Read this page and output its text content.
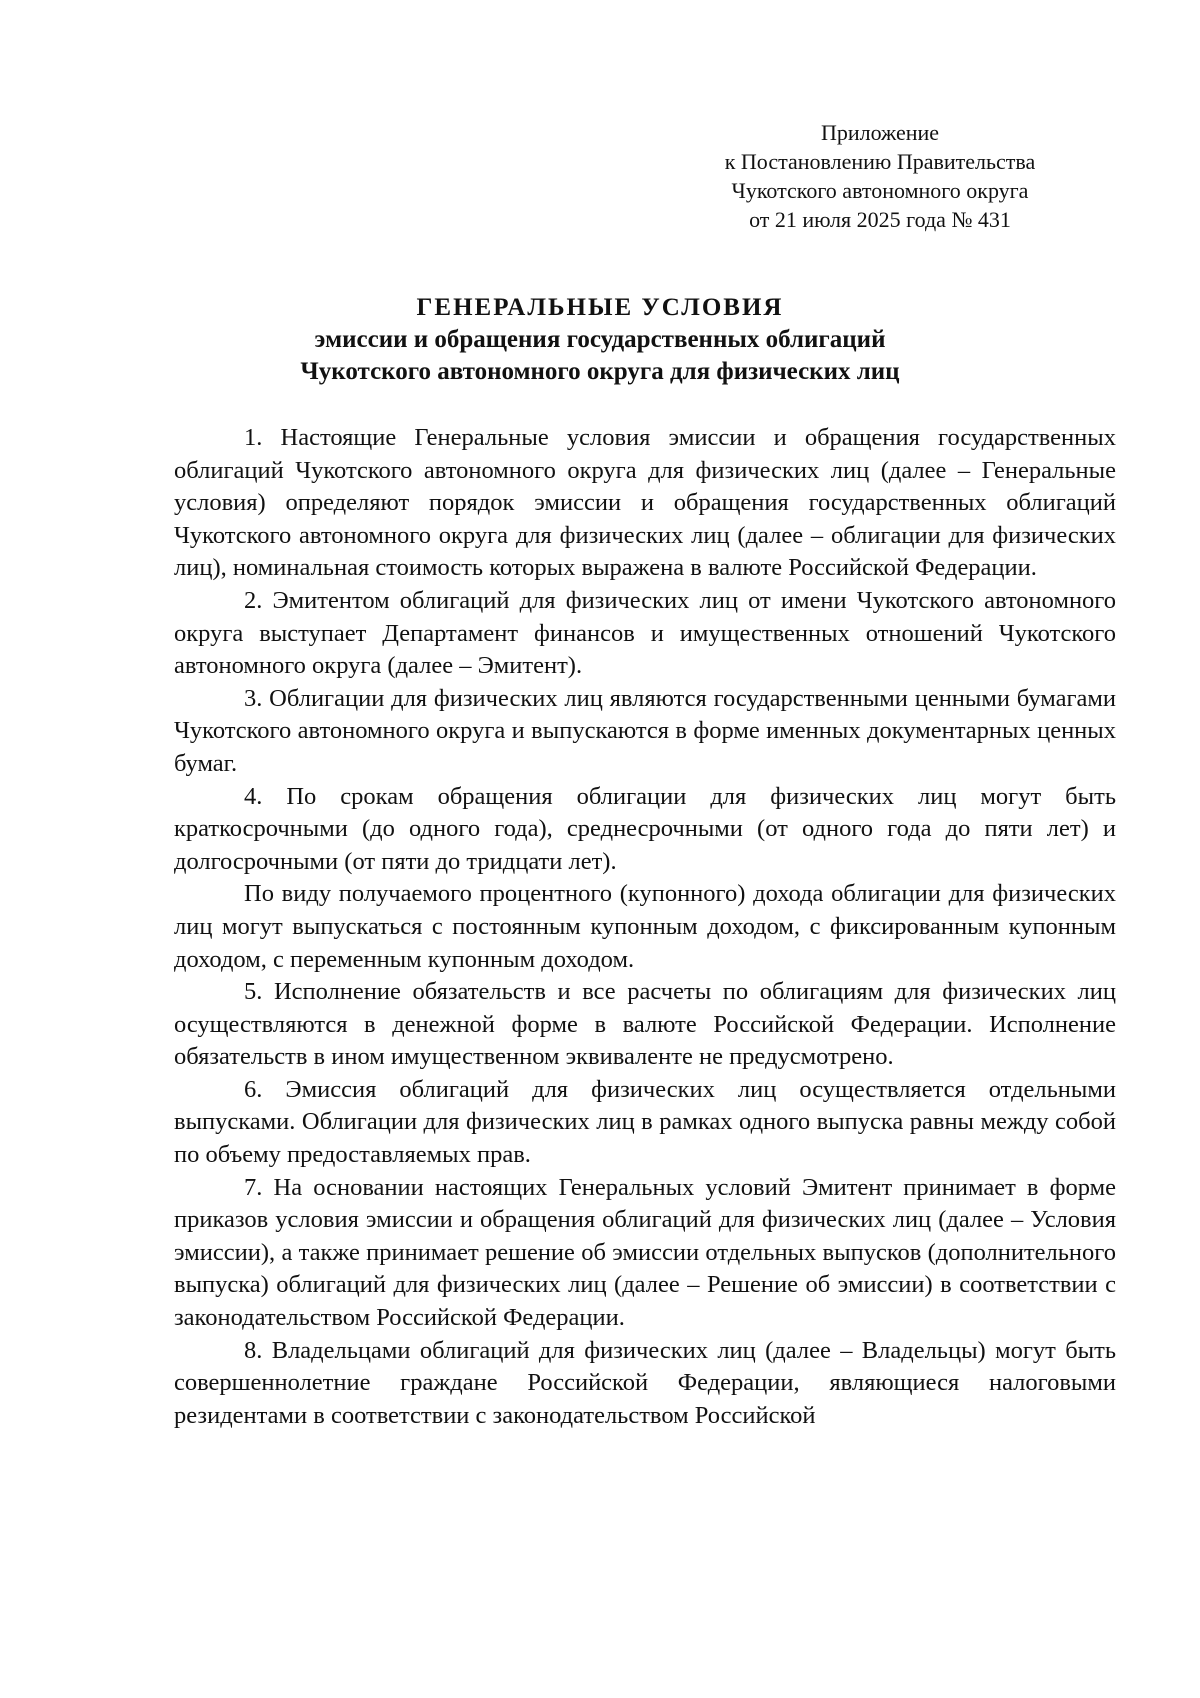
Приложение
к Постановлению Правительства
Чукотского автономного округа
от 21 июля 2025 года № 431
ГЕНЕРАЛЬНЫЕ УСЛОВИЯ
эмиссии и обращения государственных облигаций
Чукотского автономного округа для физических лиц

1. Настоящие Генеральные условия эмиссии и обращения государственных облигаций Чукотского автономного округа для физических лиц (далее – Генеральные условия) определяют порядок эмиссии и обращения государственных облигаций Чукотского автономного округа для физических лиц (далее – облигации для физических лиц), номинальная стоимость которых выражена в валюте Российской Федерации.

2. Эмитентом облигаций для физических лиц от имени Чукотского автономного округа выступает Департамент финансов и имущественных отношений Чукотского автономного округа (далее – Эмитент).

3. Облигации для физических лиц являются государственными ценными бумагами Чукотского автономного округа и выпускаются в форме именных документарных ценных бумаг.

4. По срокам обращения облигации для физических лиц могут быть краткосрочными (до одного года), среднесрочными (от одного года до пяти лет) и долгосрочными (от пяти до тридцати лет).

По виду получаемого процентного (купонного) дохода облигации для физических лиц могут выпускаться с постоянным купонным доходом, с фиксированным купонным доходом, с переменным купонным доходом.

5. Исполнение обязательств и все расчеты по облигациям для физических лиц осуществляются в денежной форме в валюте Российской Федерации. Исполнение обязательств в ином имущественном эквиваленте не предусмотрено.

6. Эмиссия облигаций для физических лиц осуществляется отдельными выпусками. Облигации для физических лиц в рамках одного выпуска равны между собой по объему предоставляемых прав.

7. На основании настоящих Генеральных условий Эмитент принимает в форме приказов условия эмиссии и обращения облигаций для физических лиц (далее – Условия эмиссии), а также принимает решение об эмиссии отдельных выпусков (дополнительного выпуска) облигаций для физических лиц (далее – Решение об эмиссии) в соответствии с законодательством Российской Федерации.

8. Владельцами облигаций для физических лиц (далее – Владельцы) могут быть совершеннолетние граждане Российской Федерации, являющиеся налоговыми резидентами в соответствии с законодательством Российской
